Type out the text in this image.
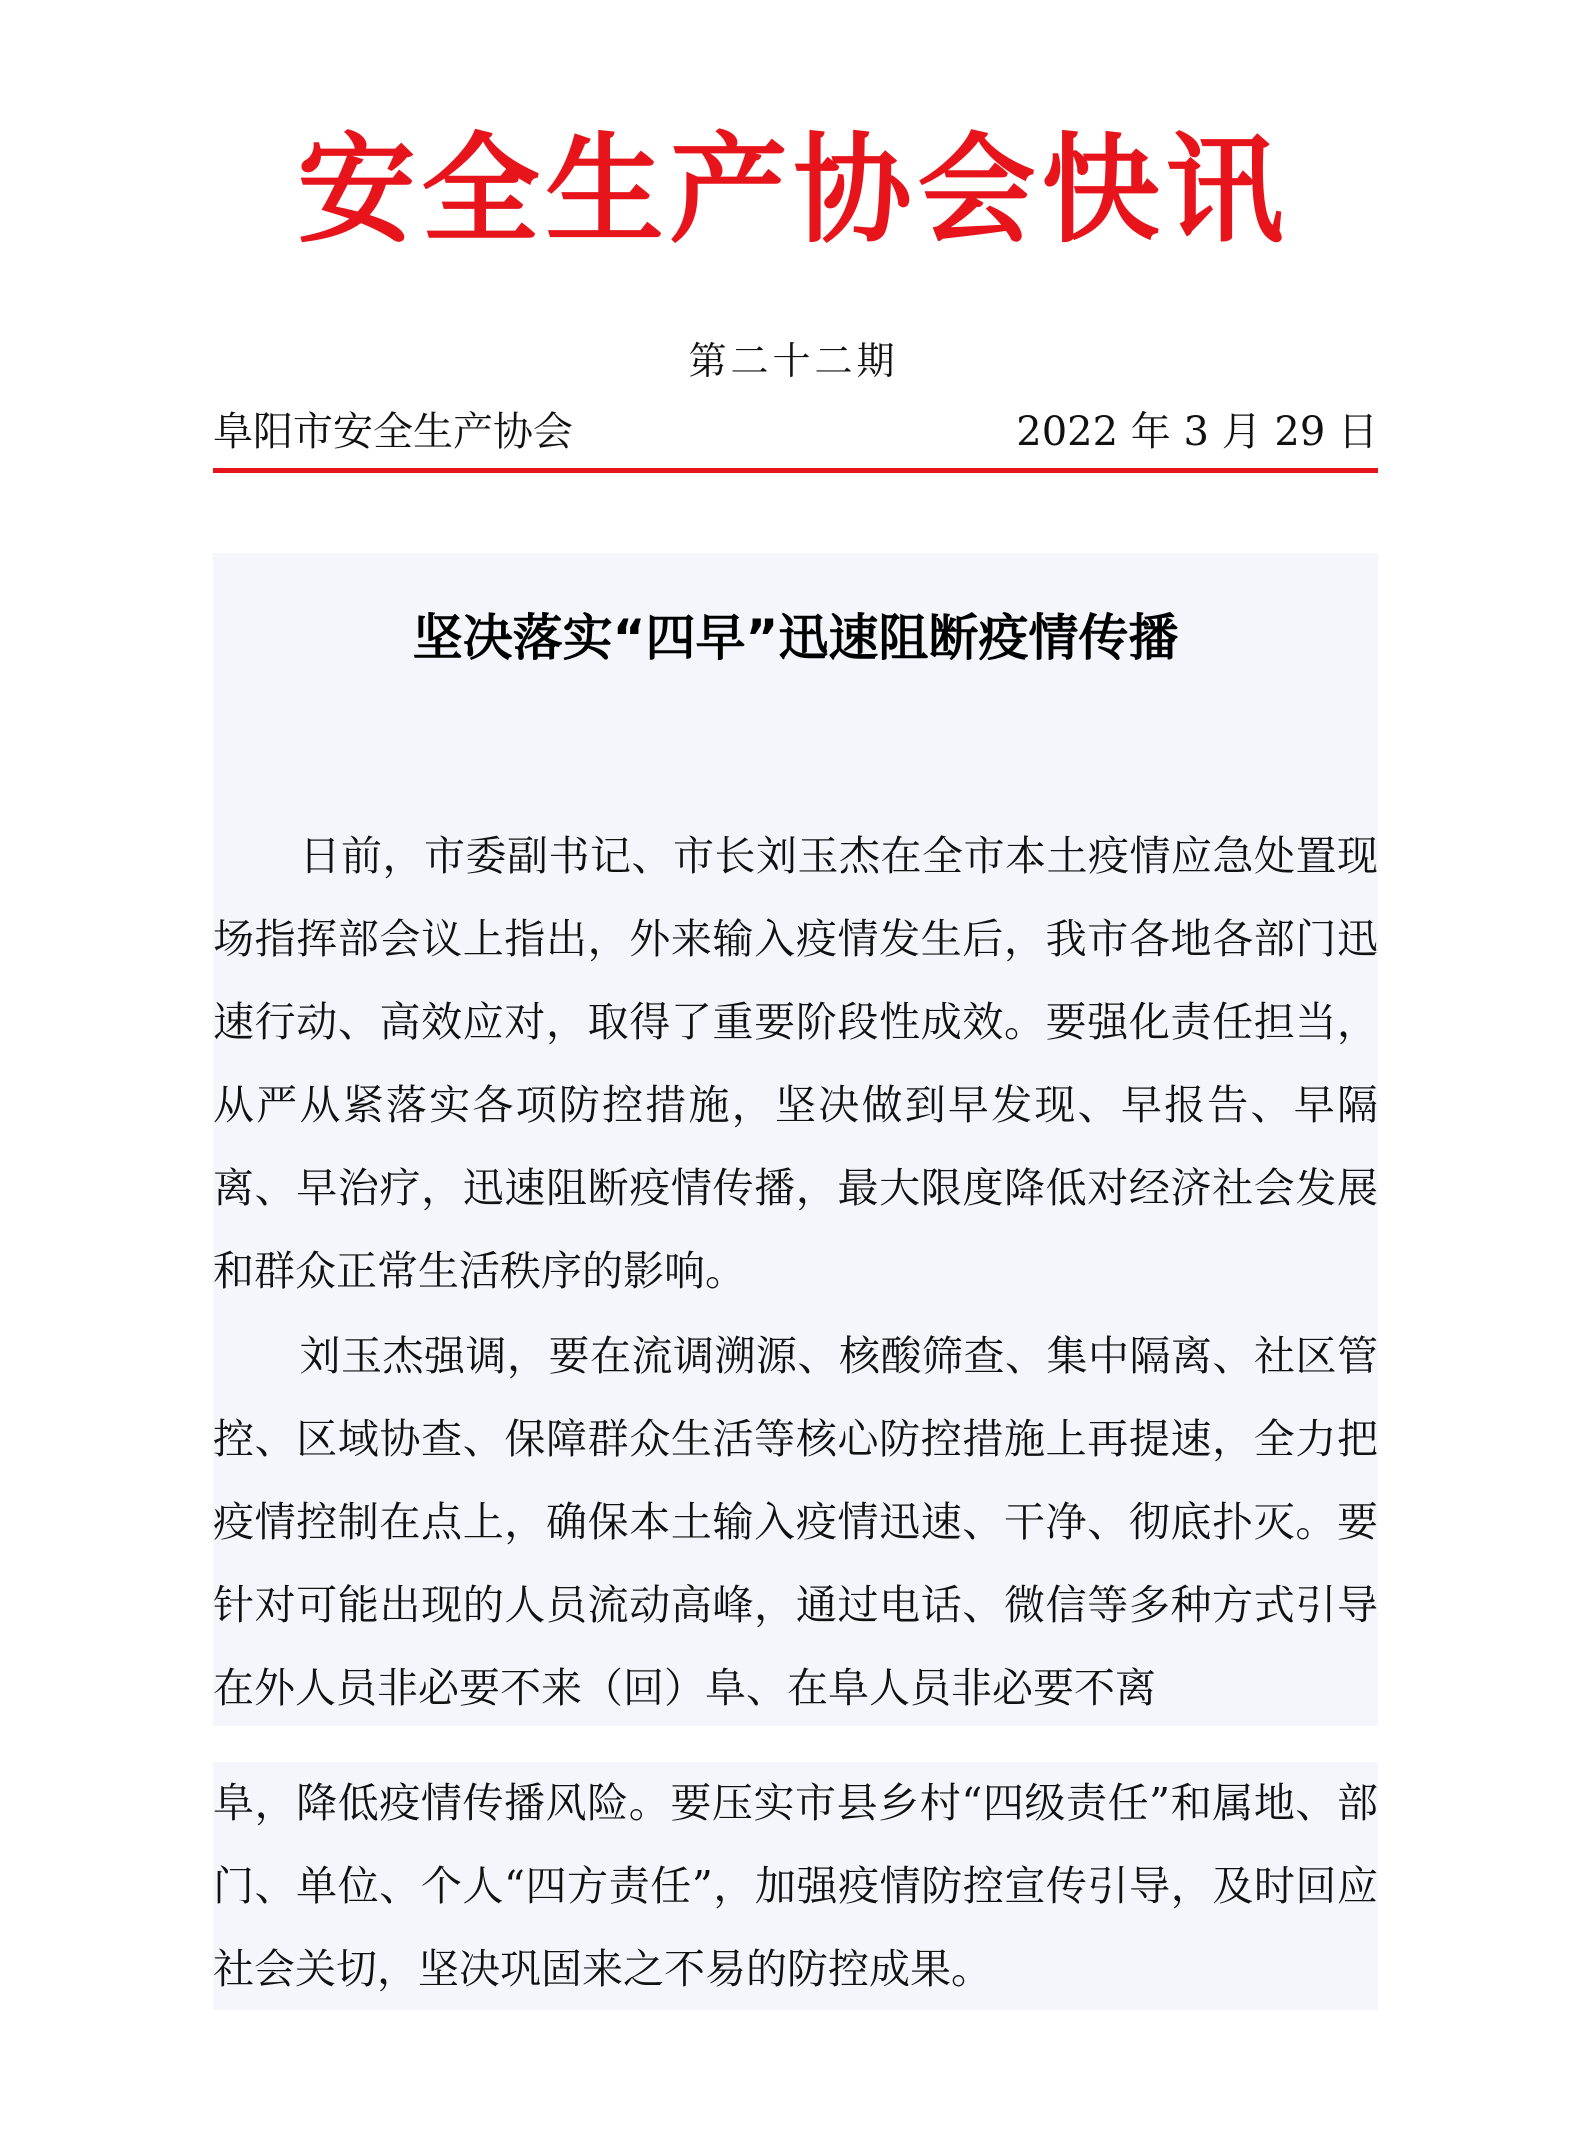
安全生产协会快讯
第二十二期
阜阳市安全生产协会	2022 年 3 月 29 日
坚决落实“四早”迅速阻断疫情传播

日前，市委副书记、市长刘玉杰在全市本土疫情应急处置现场指挥部会议上指出，外来输入疫情发生后，我市各地各部门迅速行动、高效应对，取得了重要阶段性成效。要强化责任担当，从严从紧落实各项防控措施，坚决做到早发现、早报告、早隔离、早治疗，迅速阻断疫情传播，最大限度降低对经济社会发展和群众正常生活秩序的影响。

刘玉杰强调，要在流调溯源、核酸筛查、集中隔离、社区管控、区域协查、保障群众生活等核心防控措施上再提速，全力把疫情控制在点上，确保本土输入疫情迅速、干净、彻底扑灭。要针对可能出现的人员流动高峰，通过电话、微信等多种方式引导在外人员非必要不来（回）阜、在阜人员非必要不离

阜，降低疫情传播风险。要压实市县乡村“四级责任”和属地、部门、单位、个人“四方责任”，加强疫情防控宣传引导，及时回应社会关切，坚决巩固来之不易的防控成果。
